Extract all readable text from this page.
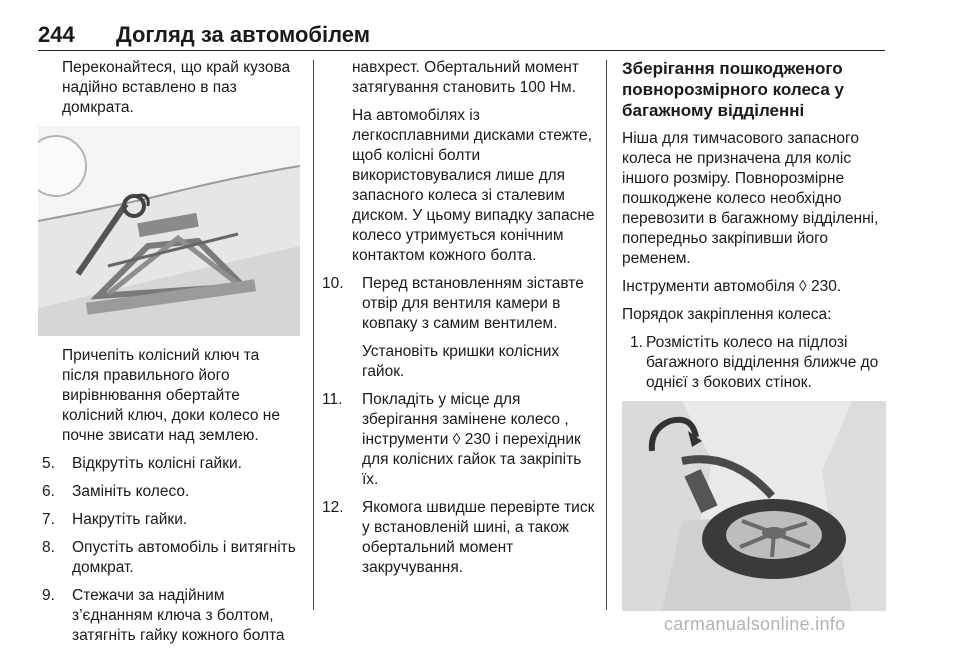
244 Догляд за автомобілем

Переконайтеся, що край кузова надійно вставлено в паз домкрата.

Причепіть колісний ключ та після правильного його вирівнювання обертайте колісний ключ, доки колесо не почне звисати над землею.

5. Відкрутіть колісні гайки.
6. Замініть колесо.
7. Накрутіть гайки.
8. Опустіть автомобіль і витягніть домкрат.
9. Стежачи за надійним з’єднанням ключа з болтом, затягніть гайку кожного болта

навхрест. Обертальний момент затягування становить 100 Нм.

На автомобілях із легкосплавними дисками стежте, щоб колісні болти використовувалися лише для запасного колеса зі сталевим диском. У цьому випадку запасне колесо утримується конічним контактом кожного болта.

10. Перед встановленням зіставте отвір для вентиля камери в ковпаку з самим вентилем.

Установіть кришки колісних гайок.

11. Покладіть у місце для зберігання замінене колесо , інструменти ◊ 230 і перехідник для колісних гайок та закріпіть їх.
12. Якомога швидше перевірте тиск у встановленій шині, а також обертальний момент закручування.
Зберігання пошкодженого повнорозмірного колеса у багажному відділенні

Ніша для тимчасового запасного колеса не призначена для коліс іншого розміру. Повнорозмірне пошкоджене колесо необхідно перевозити в багажному відділенні, попередньо закріпивши його ременем.

Інструменти автомобіля ◊ 230.

Порядок закріплення колеса:

1. Розмістіть колесо на підлозі багажного відділення ближче до однієї з бокових стінок.
carmanualsonline.info
